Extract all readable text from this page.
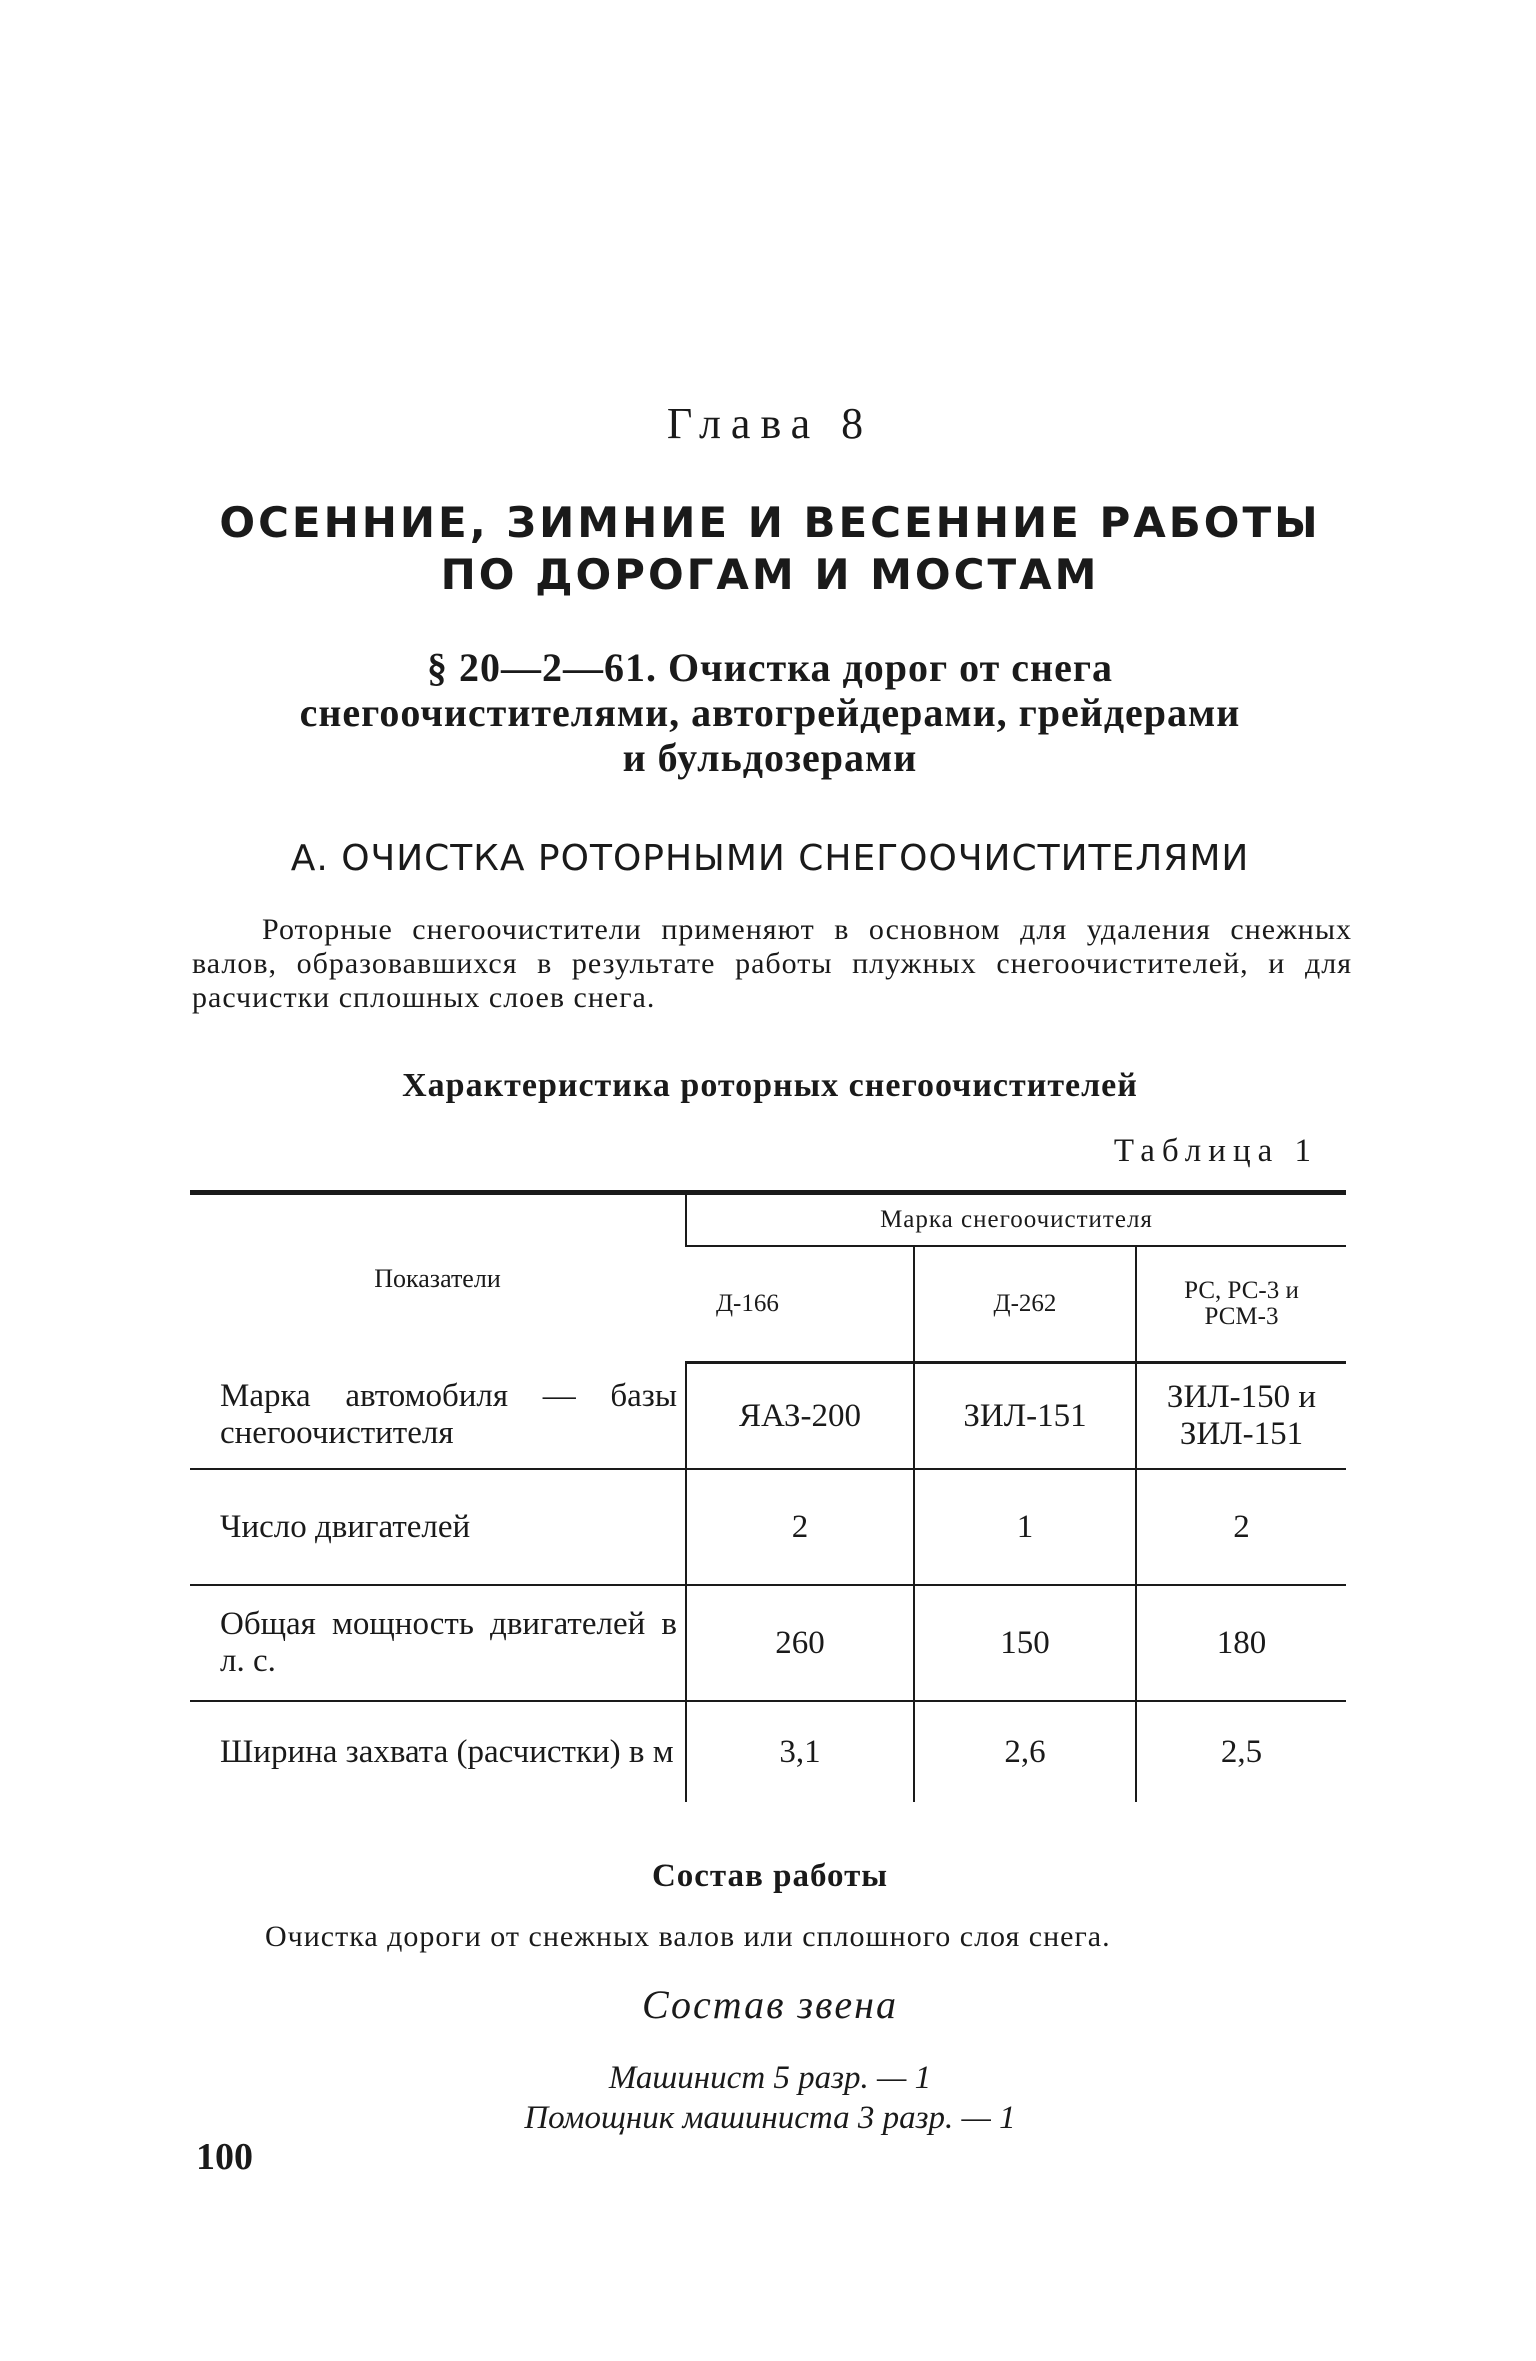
Глава 8
ОСЕННИЕ, ЗИМНИЕ И ВЕСЕННИЕ РАБОТЫ
ПО ДОРОГАМ И МОСТАМ
§ 20—2—61. Очистка дорог от снега
снегоочистителями, автогрейдерами, грейдерами
и бульдозерами
А. ОЧИСТКА РОТОРНЫМИ СНЕГООЧИСТИТЕЛЯМИ
Роторные снегоочистители применяют в основном для удаления снежных валов, образовавшихся в результате работы плужных снегоочистителей, и для расчистки сплошных слоев снега.
Характеристика роторных снегоочистителей
Таблица 1
Показатели	Марка снегоочистителя		
	Д-166	Д-262	РС, РС-3 и РСМ-3
Марка автомобиля — базы снегоочистителя	ЯАЗ-200	ЗИЛ-151	ЗИЛ-150 и ЗИЛ-151
Число двигателей	2	1	2
Общая мощность двигателей в л. с.	260	150	180
Ширина захвата (расчистки) в м	3,1	2,6	2,5
Состав работы
Очистка дороги от снежных валов или сплошного слоя снега.
Состав звена
Машинист 5 разр. — 1
Помощник машиниста 3 разр. — 1
100
